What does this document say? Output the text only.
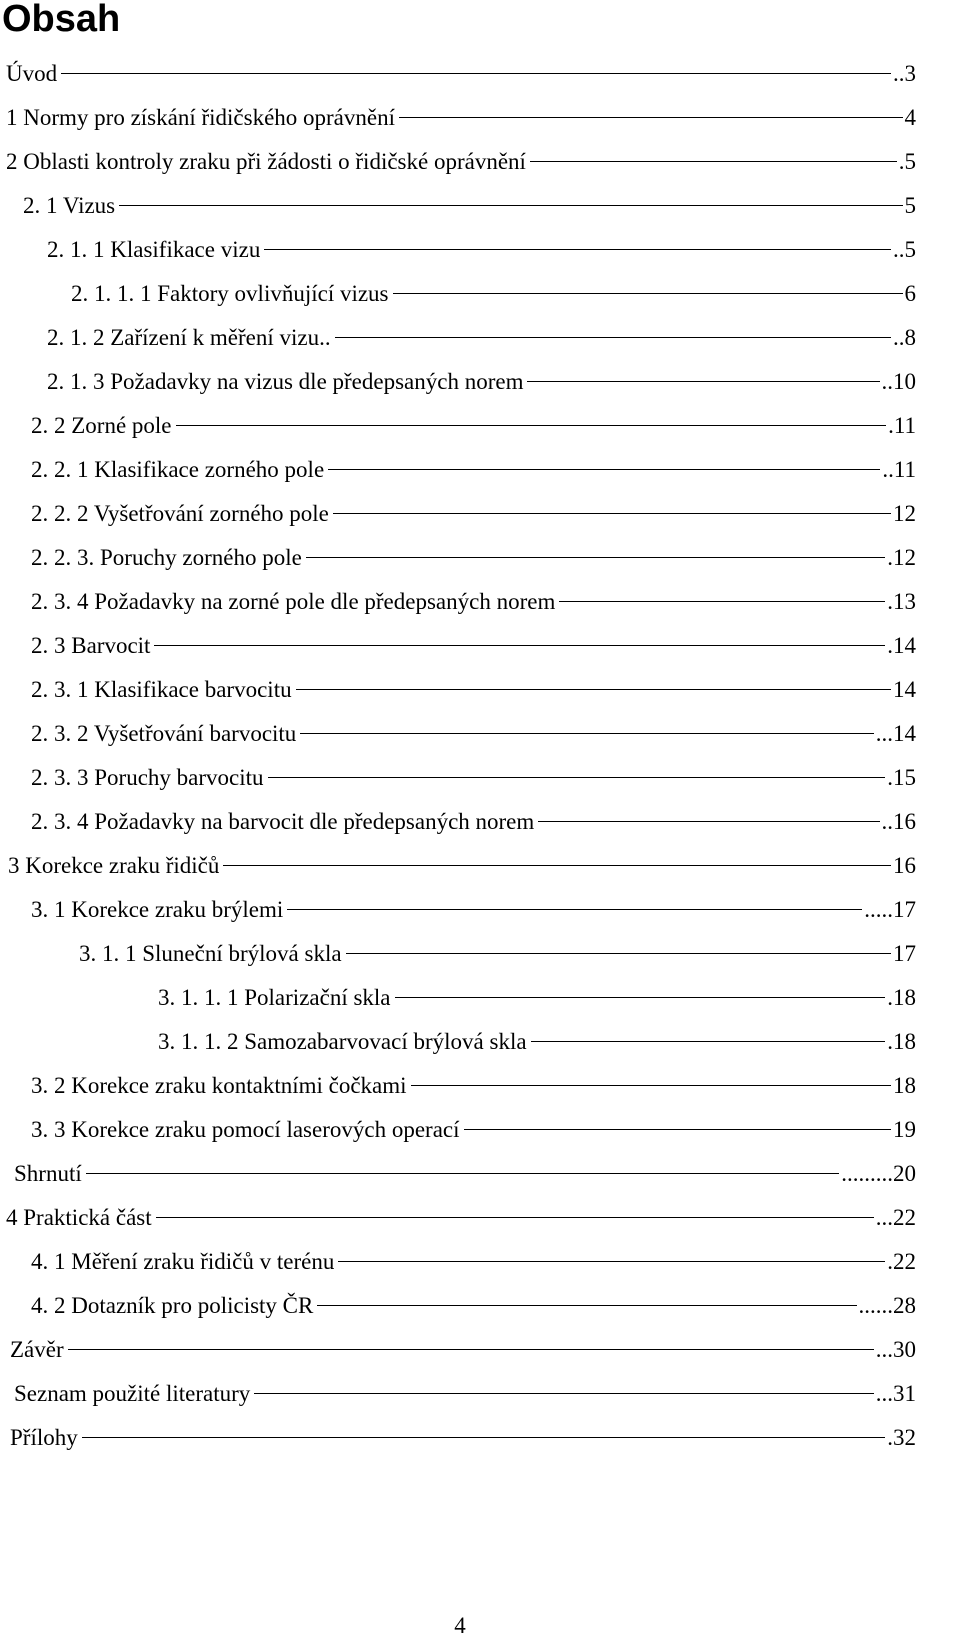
Obsah
Úvod	..3
1 Normy pro získání řidičského oprávnění	4
2 Oblasti kontroly zraku při žádosti o řidičské oprávnění	.5
2. 1 Vizus	5
2. 1. 1 Klasifikace vizu	..5
2. 1. 1. 1 Faktory ovlivňující vizus	6
2. 1. 2 Zařízení k měření vizu..	..8
2. 1. 3 Požadavky na vizus dle předepsaných norem	..10
2. 2 Zorné pole	.11
2. 2. 1 Klasifikace zorného pole	..11
2. 2. 2 Vyšetřování zorného pole	12
2. 2. 3. Poruchy zorného pole	.12
2. 3. 4 Požadavky na zorné pole dle předepsaných norem	.13
2. 3 Barvocit	.14
2. 3. 1 Klasifikace barvocitu	14
2. 3. 2 Vyšetřování barvocitu	...14
2. 3. 3 Poruchy barvocitu	.15
2. 3. 4 Požadavky na barvocit dle předepsaných norem	..16
3 Korekce zraku řidičů	16
3. 1 Korekce zraku brýlemi	.....17
3. 1. 1 Sluneční brýlová skla	17
3. 1. 1. 1 Polarizační skla	.18
3. 1. 1. 2 Samozabarvovací brýlová skla	.18
3. 2 Korekce zraku kontaktními čočkami	18
3. 3 Korekce zraku pomocí laserových operací	19
Shrnutí	.........20
4 Praktická část	...22
4. 1 Měření zraku řidičů v terénu	.22
4. 2 Dotazník pro policisty ČR	......28
Závěr	...30
Seznam použité literatury	...31
Přílohy	.32
4
